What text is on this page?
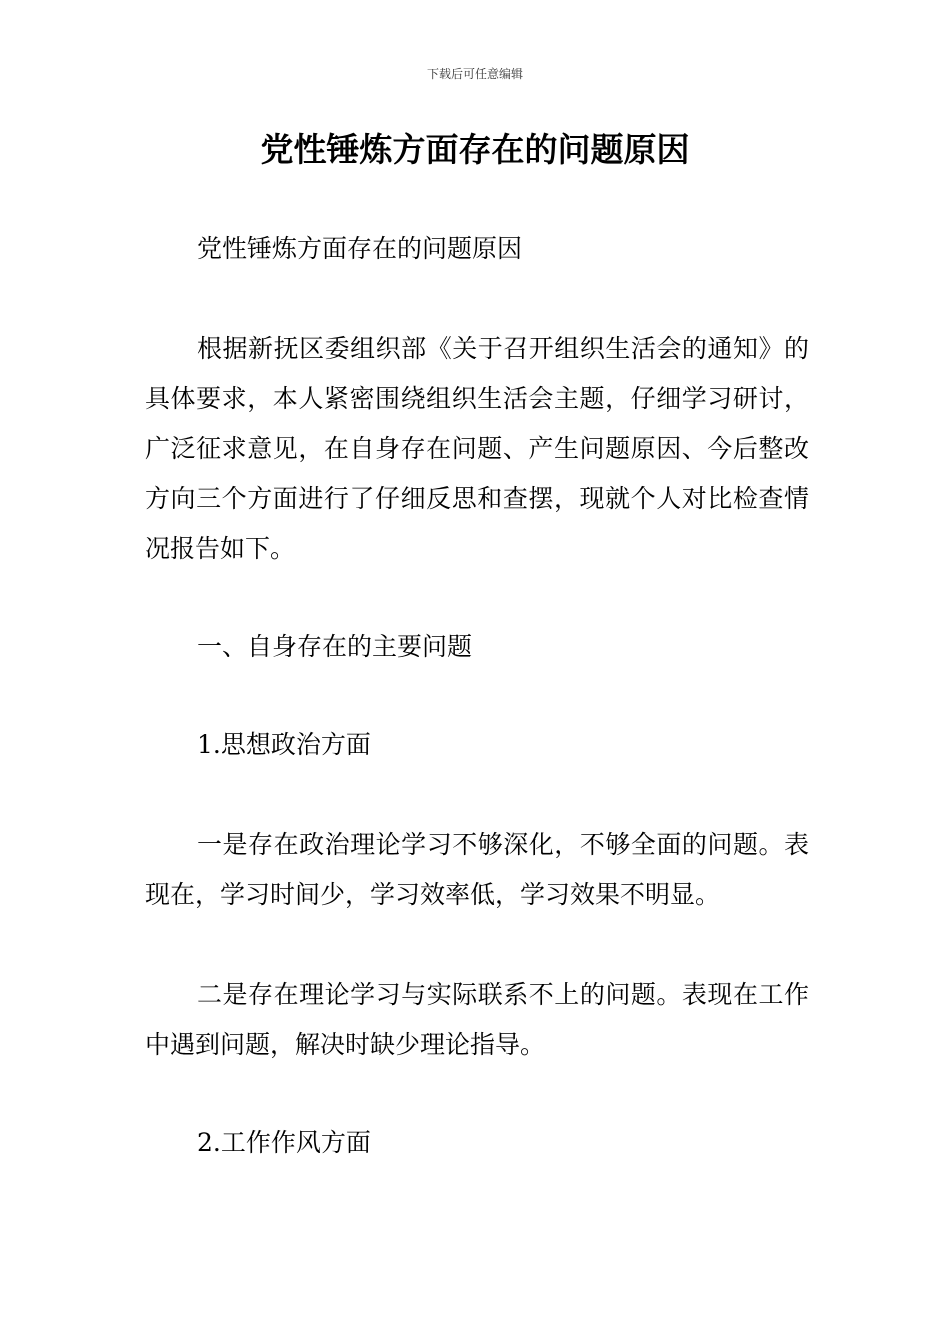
下载后可任意编辑
党性锤炼方面存在的问题原因

党性锤炼方面存在的问题原因

根据新抚区委组织部《关于召开组织生活会的通知》的具体要求，本人紧密围绕组织生活会主题，仔细学习研讨，广泛征求意见，在自身存在问题、产生问题原因、今后整改方向三个方面进行了仔细反思和查摆，现就个人对比检查情况报告如下。

一、自身存在的主要问题

1.思想政治方面

一是存在政治理论学习不够深化，不够全面的问题。表现在，学习时间少，学习效率低，学习效果不明显。

二是存在理论学习与实际联系不上的问题。表现在工作中遇到问题，解决时缺少理论指导。

2.工作作风方面
